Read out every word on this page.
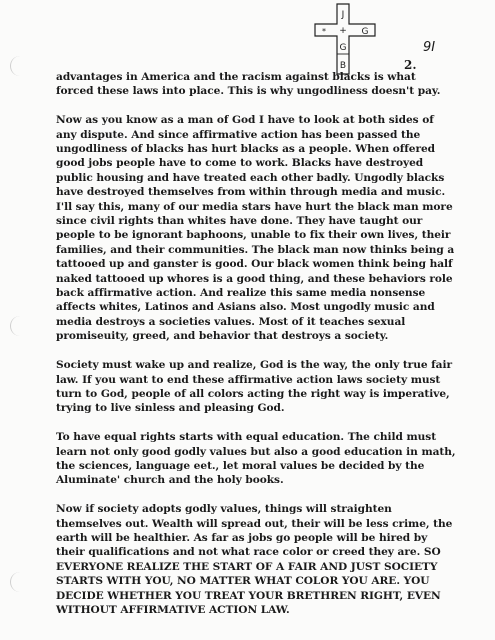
J
* + G
G
B
9I
2.

advantages in America and the racism against blacks is what forced these laws into place. This is why ungodliness doesn't pay.

Now as you know as a man of God I have to look at both sides of any dispute. And since affirmative action has been passed the ungodliness of blacks has hurt blacks as a people. When offered good jobs people have to come to work. Blacks have destroyed public housing and have treated each other badly. Ungodly blacks have destroyed themselves from within through media and music. I'll say this, many of our media stars have hurt the black man more since civil rights than whites have done. They have taught our people to be ignorant baphoons, unable to fix their own lives, their families, and their communities. The black man now thinks being a tattooed up and ganster is good. Our black women think being half naked tattooed up whores is a good thing, and these behaviors role back affirmative action. And realize this same media nonsense affects whites, Latinos and Asians also. Most ungodly music and media destroys a societies values. Most of it teaches sexual promiseuity, greed, and behavior that destroys a society.

Society must wake up and realize, God is the way, the only true fair law. If you want to end these affirmative action laws society must turn to God, people of all colors acting the right way is imperative, trying to live sinless and pleasing God.

To have equal rights starts with equal education. The child must learn not only good godly values but also a good education in math, the sciences, language eet., let moral values be decided by the Aluminate' church and the holy books.

Now if society adopts godly values, things will straighten themselves out. Wealth will spread out, their will be less crime, the earth will be healthier. As far as jobs go people will be hired by their qualifications and not what race color or creed they are. SO EVERYONE REALIZE THE START OF A FAIR AND JUST SOCIETY STARTS WITH YOU, NO MATTER WHAT COLOR YOU ARE. YOU DECIDE WHETHER YOU TREAT YOUR BRETHREN RIGHT, EVEN WITHOUT AFFIRMATIVE ACTION LAW.
